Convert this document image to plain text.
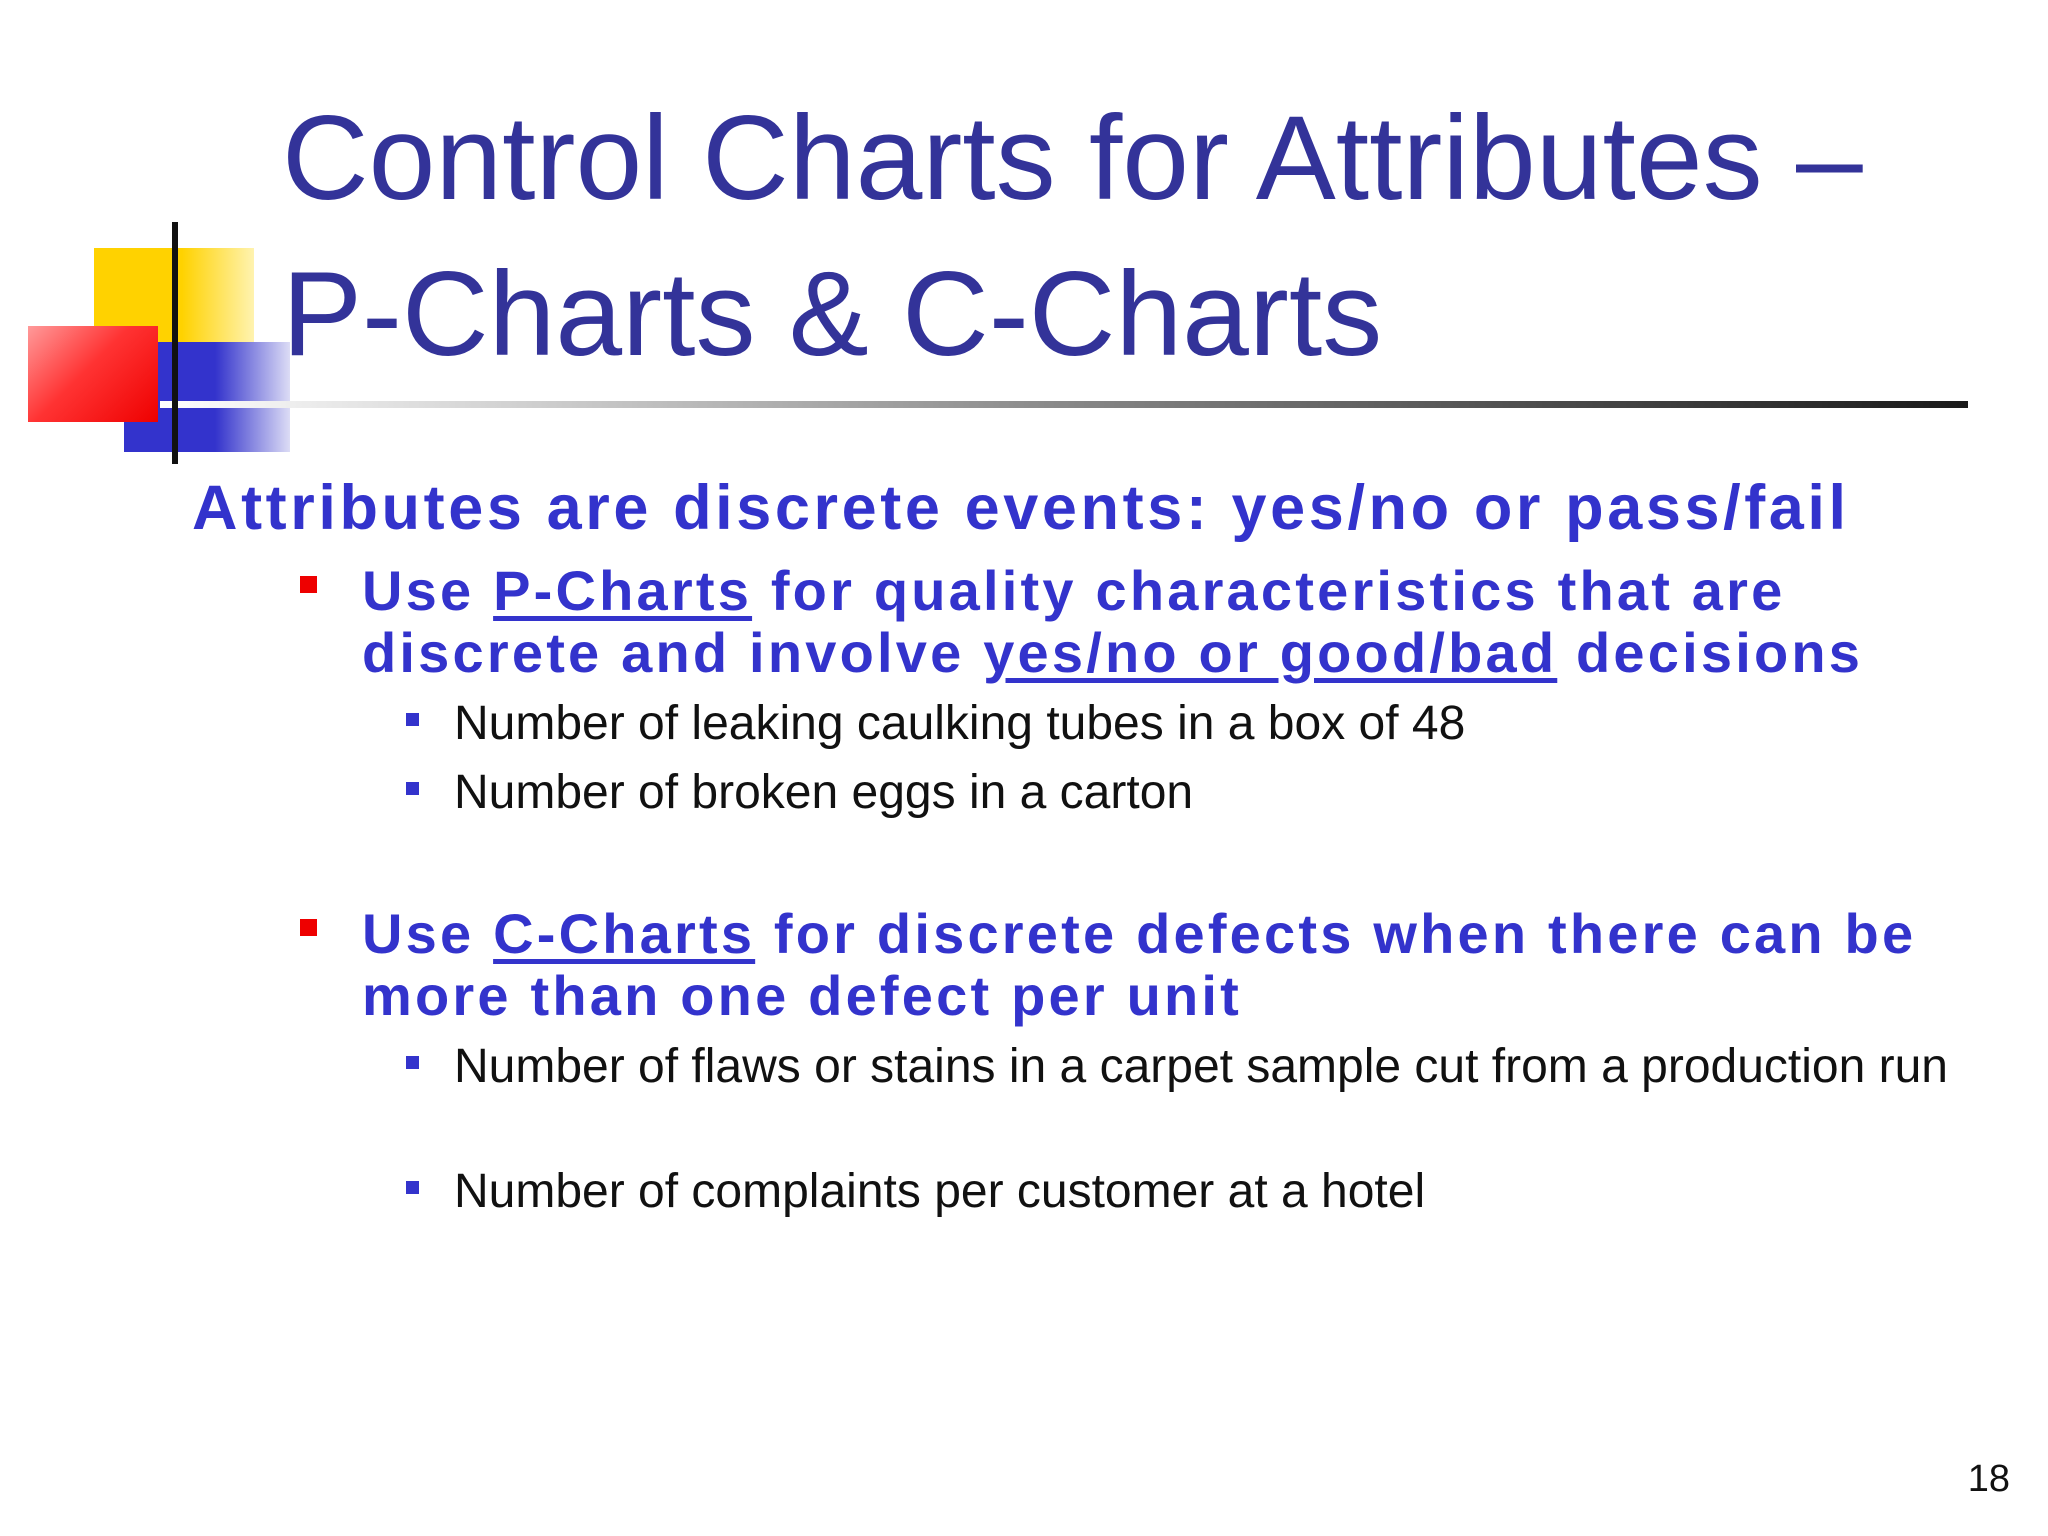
Control Charts for Attributes –
P-Charts & C-Charts
Attributes are discrete events: yes/no or pass/fail
Use P-Charts for quality characteristics that are discrete and involve yes/no or good/bad decisions
Number of leaking caulking tubes in a box of 48
Number of broken eggs in a carton
Use C-Charts for discrete defects when there can be more than one defect per unit
Number of flaws or stains in a carpet sample cut from a production run
Number of complaints per customer at a hotel
18
